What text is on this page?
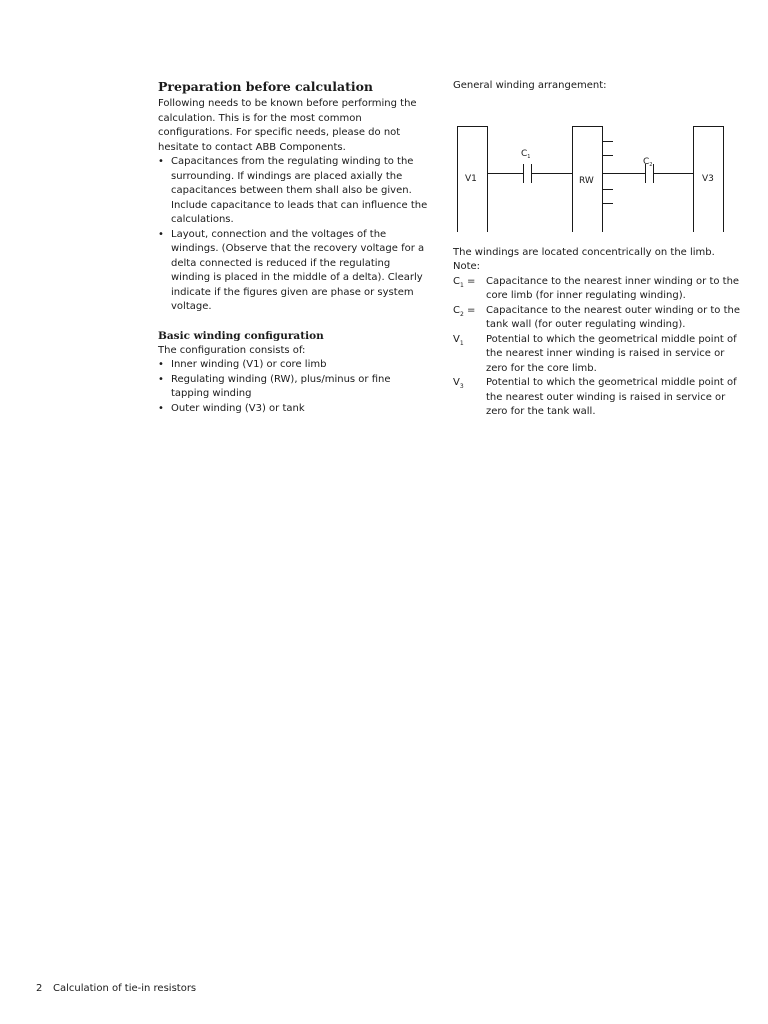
Preparation before calculation

Following needs to be known before performing the calculation. This is for the most common configurations. For specific needs, please do not hesitate to contact ABB Components.

• Capacitances from the regulating winding to the surrounding. If windings are placed axially the capacitances between them shall also be given. Include capacitance to leads that can influence the calculations.
• Layout, connection and the voltages of the windings. (Observe that the recovery voltage for a delta connected is reduced if the regulating winding is placed in the middle of a delta). Clearly indicate if the figures given are phase or system voltage.
Basic winding configuration

The configuration consists of:

• Inner winding (V1) or core limb
• Regulating winding (RW), plus/minus or fine tapping winding
• Outer winding (V3) or tank

General winding arrangement:

V1	RW	V3
$C_1$	$C_2$

The windings are located concentrically on the limb.

Note:

$C_1$ =	Capacitance to the nearest inner winding or to the core limb (for inner regulating winding).
$C_2$ =	Capacitance to the nearest outer winding or to the tank wall (for outer regulating winding).
$V_1$	Potential to which the geometrical middle point of the nearest inner winding is raised in service or zero for the core limb.
$V_3$	Potential to which the geometrical middle point of the nearest outer winding is raised in service or zero for the tank wall.
2 Calculation of tie-in resistors
